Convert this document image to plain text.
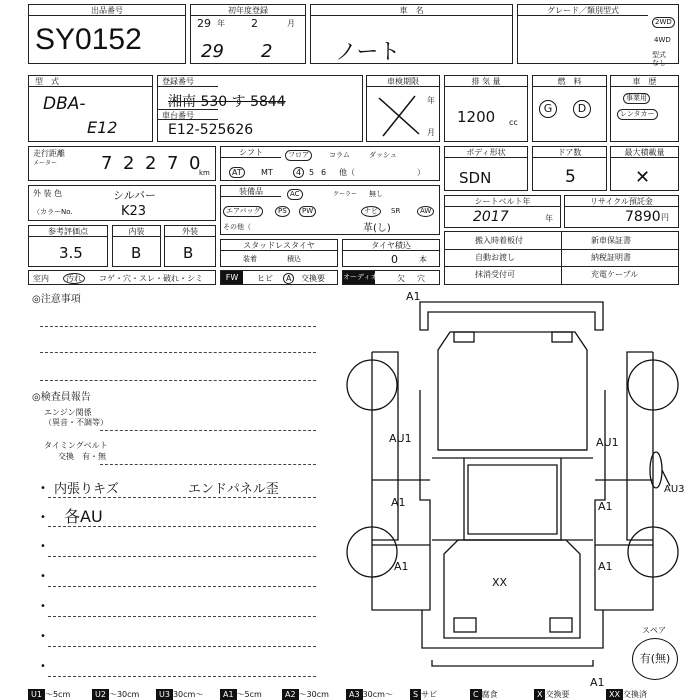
出品番号
SY0152
初年度登録
29 年 2	月
29 2
車　名
ノート
グレード／類別型式
2WD
4WD
型式なし
型　式
DBA-
E12
登録番号
湘南 530 す 5844
車台番号
E12-525626
車検期限
年
月
排 気 量
1200 cc
燃　料
G	D
車　歴
事業用
レンタカー
走行距離
メーター 7 2 2 7 0
km
シフト	フロア	コラム	ダッシュ
AT	MT	4 5 6 他（	）
ボディ形状
SDN
ドア数
5
最大積載量
✕
外 装 色	シルバー
（カラーNo.	K23
装備品	AC	クーラー 無し
エアバッグ	PS	PW	ナビ	SR	AW
その他（	革(し)
シートベルト年
2017	年
リサイクル預託金
7890 円
参考評価点
3.5
内装
B
外装
B	スタッドレスタイヤ
装着	積込
タイヤ積込
0	本
搬入時着板付	新車保証書
自動お渡し	納税証明書
抹消受付可	充電ケーブル
室内	汚れ	コゲ・穴・スレ・破れ・シミ	FW	ヒビ	A	交換要	オーディオ 欠 穴
◎注意事項
◎検査員報告
エンジン関係
（異音・不調等）
タイミングベルト
交換　有・無
• 内張りキズ	エンドパネル歪
• 各AU
•
•
•
•
•
A1
AU1	AU1
A1	A1
AU3
A1	A1
XX
A1
スペア
有(無)
U1 ～5cm	U2 ～30cm	U3 30cm～	A1 ～5cm	A2 ～30cm	A3 30cm～	S サビ	C 腐食	X 交換要	XX 交換済
